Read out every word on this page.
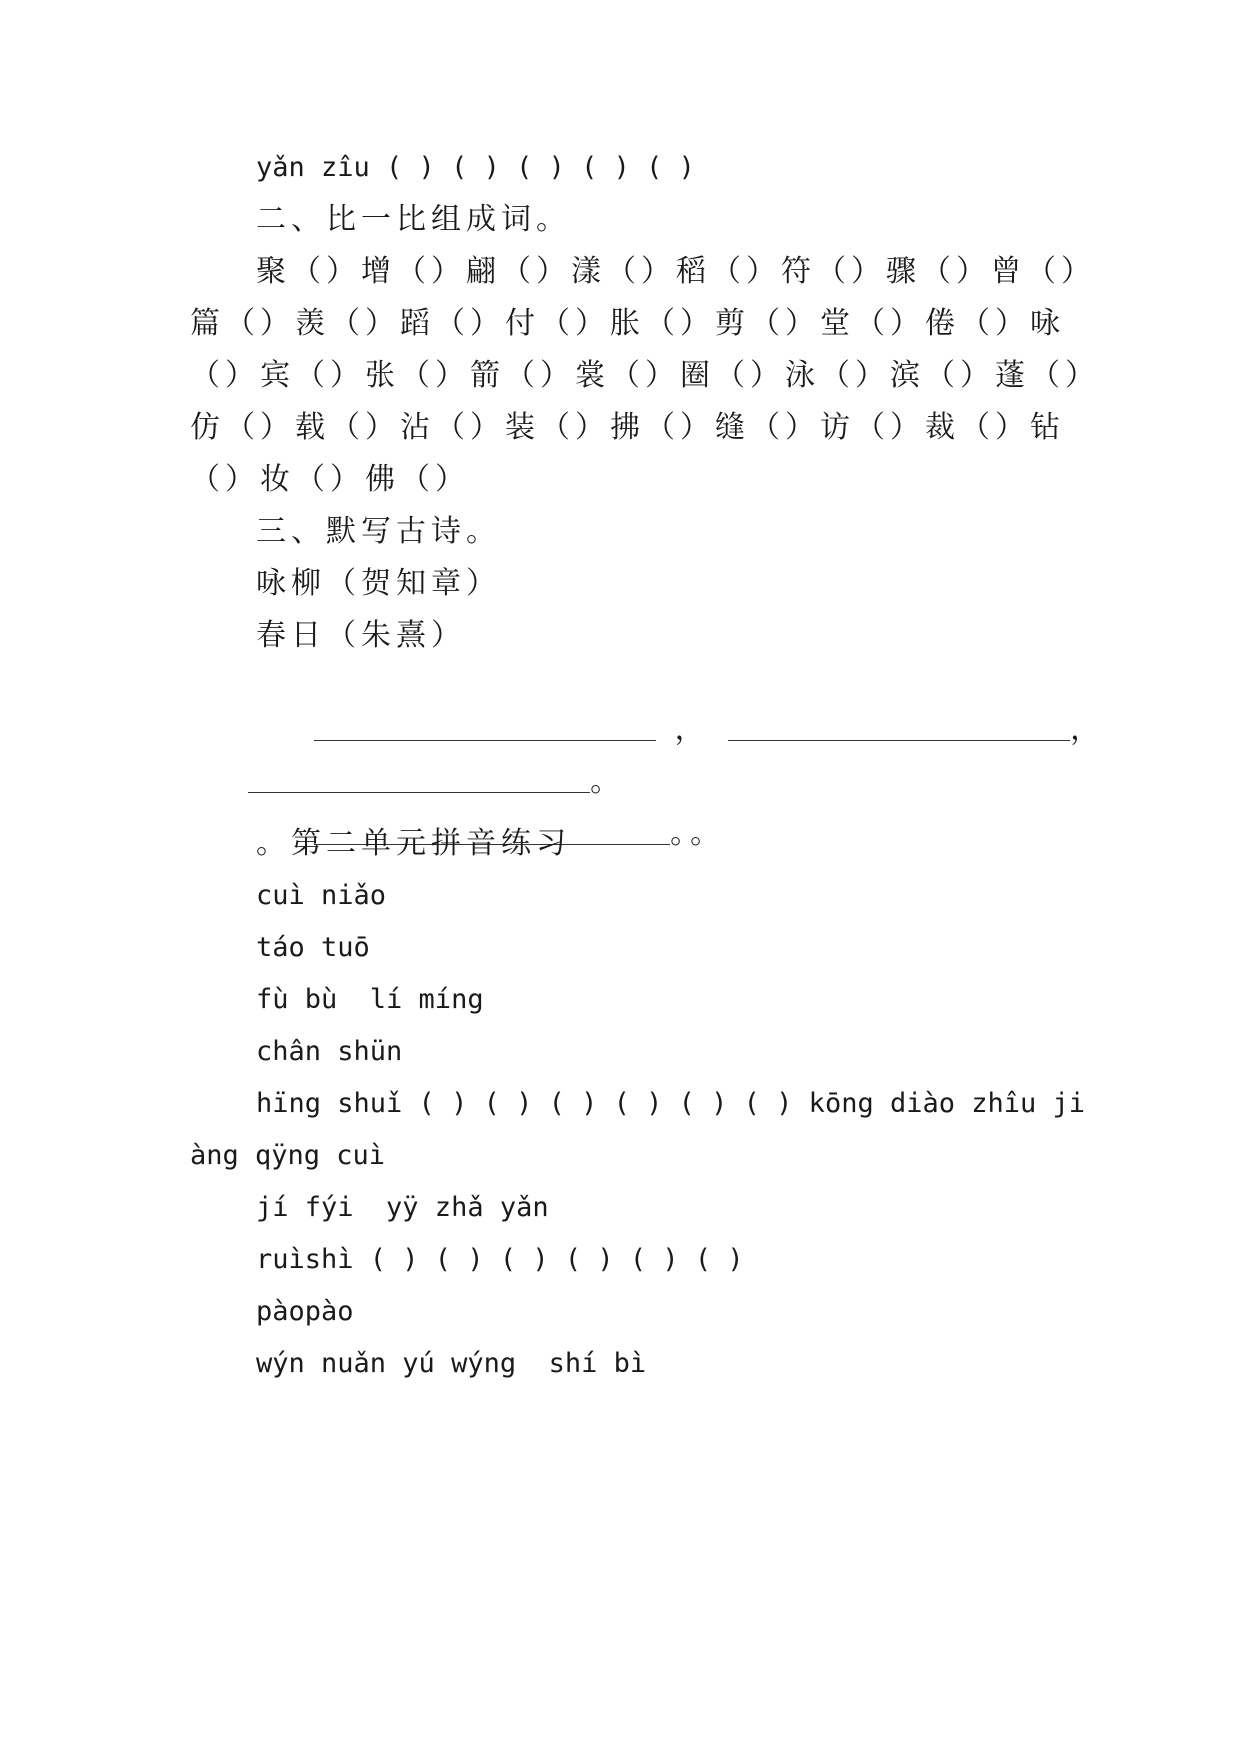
yǎn zîu ( ) ( ) ( ) ( ) ( )
二、比一比组成词。
聚（）增（）翩（）漾（）稻（）符（）骤（）曾（）
篇（）羡（）蹈（）付（）胀（）剪（）堂（）倦（）咏
（）宾（）张（）箭（）裳（）圈（）泳（）滨（）蓬（）
仿（）载（）沾（）装（）拂（）缝（）访（）裁（）钻
（）妆（）佛（）
三、默写古诗。
咏柳（贺知章）
春日（朱熹）

，	，

。

。。

。第二单元拼音练习
cuì niǎo
táo tuō
fù bù  lí míng
chân shün
hïng shuǐ ( ) ( ) ( ) ( ) ( ) ( ) kōng diào zhîu ji
àng qÿng cuì
jí fýi  yÿ zhǎ yǎn
ruìshì ( ) ( ) ( ) ( ) ( ) ( )
pàopào
wýn nuǎn yú wýng  shí bì
